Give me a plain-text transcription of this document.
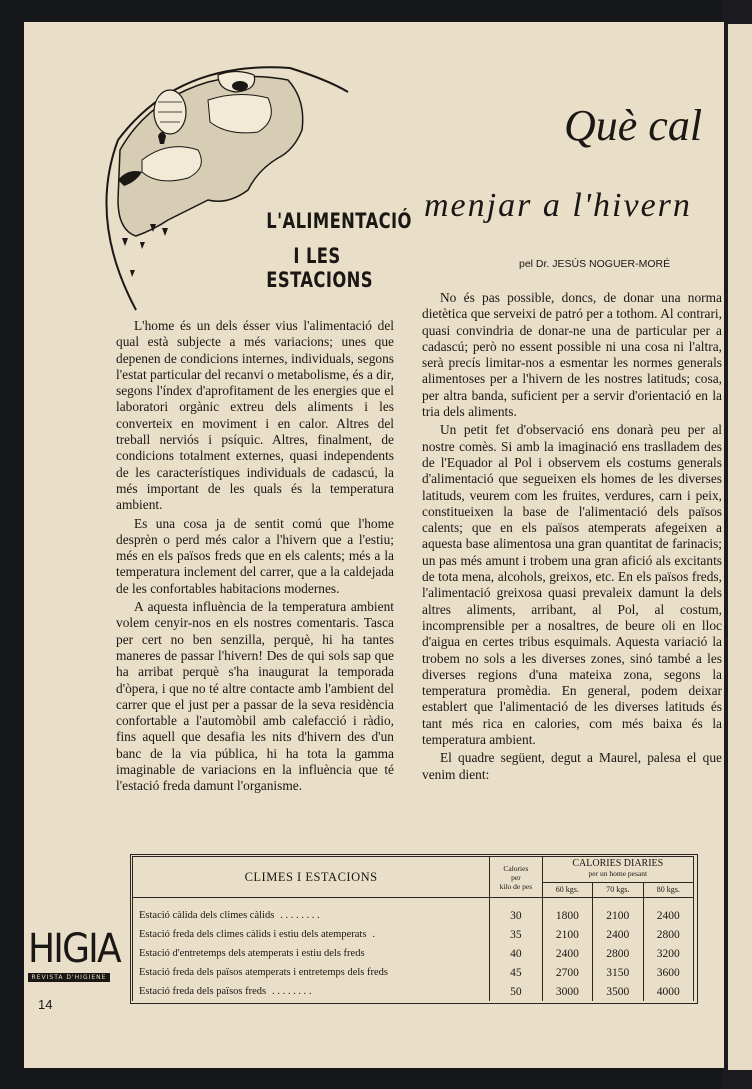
L'ALIMENTACIÓ
I LES ESTACIONS
Què cal
menjar a l'hivern
pel Dr. JESÚS NOGUER-MORÉ

L'home és un dels ésser vius l'alimentació del qual està subjecte a més variacions; unes que depenen de condicions internes, individuals, segons l'estat particular del recanvi o metabolisme, és a dir, segons l'índex d'aprofitament de les energies que el laboratori orgànic extreu dels aliments i les converteix en moviment i en calor. Altres del treball nerviós i psíquic. Altres, finalment, de condicions totalment externes, quasi independents de les característiques individuals de cadascú, la més important de les quals és la temperatura ambient.

Es una cosa ja de sentit comú que l'home desprèn o perd més calor a l'hivern que a l'estiu; més en els països freds que en els calents; més a la temperatura inclement del carrer, que a la caldejada de les confortables habitacions modernes.

A aquesta influència de la temperatura ambient volem cenyir-nos en els nostres comentaris. Tasca per cert no ben senzilla, perquè, hi ha tantes maneres de passar l'hivern! Des de qui sols sap que ha arribat perquè s'ha inaugurat la temporada d'òpera, i que no té altre contacte amb l'ambient del carrer que el just per a passar de la seva residència confortable a l'automòbil amb calefacció i ràdio, fins aquell que desafia les nits d'hivern des d'un banc de la via pública, hi ha tota la gamma imaginable de variacions en la influència que té l'estació freda damunt l'organisme.

No és pas possible, doncs, de donar una norma dietètica que serveixi de patró per a tothom. Al contrari, quasi convindria de donar-ne una de particular per a cadascú; però no essent possible ni una cosa ni l'altra, serà precís limitar-nos a esmentar les normes generals alimentoses per a l'hivern de les nostres latituds; cosa, per altra banda, suficient per a servir d'orientació en la tria dels aliments.

Un petit fet d'observació ens donarà peu per al nostre comès. Si amb la imaginació ens traslladem des de l'Equador al Pol i observem els costums generals d'alimentació que segueixen els homes de les diverses latituds, veurem com les fruites, verdures, carn i peix, constitueixen la base de l'alimentació dels països calents; que en els països atemperats afegeixen a aquesta base alimentosa una gran quantitat de farinacis; un pas més amunt i trobem una gran afició als excitants de tota mena, alcohols, greixos, etc. En els països freds, l'alimentació greixosa quasi prevaleix damunt la dels altres aliments, arribant, al Pol, al costum, incomprensible per a nosaltres, de beure oli en lloc d'aigua en certes tribus esquimals. Aquesta variació la trobem no sols a les diverses zones, sinó també a les diverses regions d'una mateixa zona, segons la temperatura promèdia. En general, podem deixar establert que l'alimentació de les diverses latituds és tant més rica en calories, com més baixa és la temperatura ambient.

El quadre següent, degut a Maurel, palesa el que venim dient:

CLIMES I ESTACIONS	Calories
per
kilo de pes	CALORIES DIARIES
per un home pesant		
		60 kgs.	70 kgs.	80 kgs.
Estació càlida dels climes càlids . . . . . . . .	30	1800	2100	2400
Estació freda dels climes càlids i estiu dels atemperats .	35	2100	2400	2800
Estació d'entretemps dels atemperats i estiu dels freds	40	2400	2800	3200
Estació freda dels països atemperats i entretemps dels freds	45	2700	3150	3600
Estació freda dels països freds . . . . . . . .	50	3000	3500	4000
HIGIA
REVISTA D'HIGIENE
14
